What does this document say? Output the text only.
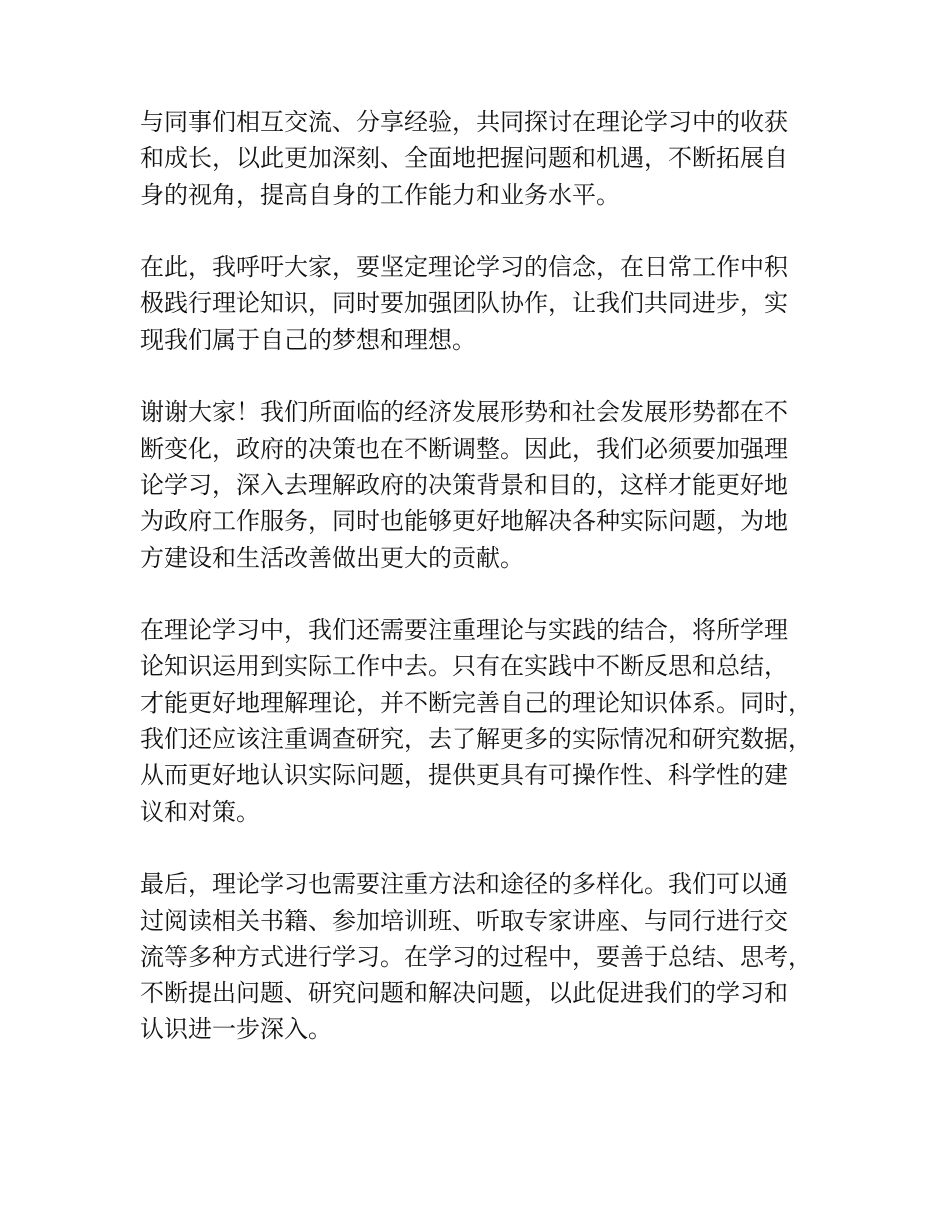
与同事们相互交流、分享经验，共同探讨在理论学习中的收获
和成长，以此更加深刻、全面地把握问题和机遇，不断拓展自
身的视角，提高自身的工作能力和业务水平。

在此，我呼吁大家，要坚定理论学习的信念，在日常工作中积
极践行理论知识，同时要加强团队协作，让我们共同进步，实
现我们属于自己的梦想和理想。

谢谢大家！我们所面临的经济发展形势和社会发展形势都在不
断变化，政府的决策也在不断调整。因此，我们必须要加强理
论学习，深入去理解政府的决策背景和目的，这样才能更好地
为政府工作服务，同时也能够更好地解决各种实际问题，为地
方建设和生活改善做出更大的贡献。

在理论学习中，我们还需要注重理论与实践的结合，将所学理
论知识运用到实际工作中去。只有在实践中不断反思和总结，
才能更好地理解理论，并不断完善自己的理论知识体系。同时，
我们还应该注重调查研究，去了解更多的实际情况和研究数据，
从而更好地认识实际问题，提供更具有可操作性、科学性的建
议和对策。

最后，理论学习也需要注重方法和途径的多样化。我们可以通
过阅读相关书籍、参加培训班、听取专家讲座、与同行进行交
流等多种方式进行学习。在学习的过程中，要善于总结、思考，
不断提出问题、研究问题和解决问题，以此促进我们的学习和
认识进一步深入。
